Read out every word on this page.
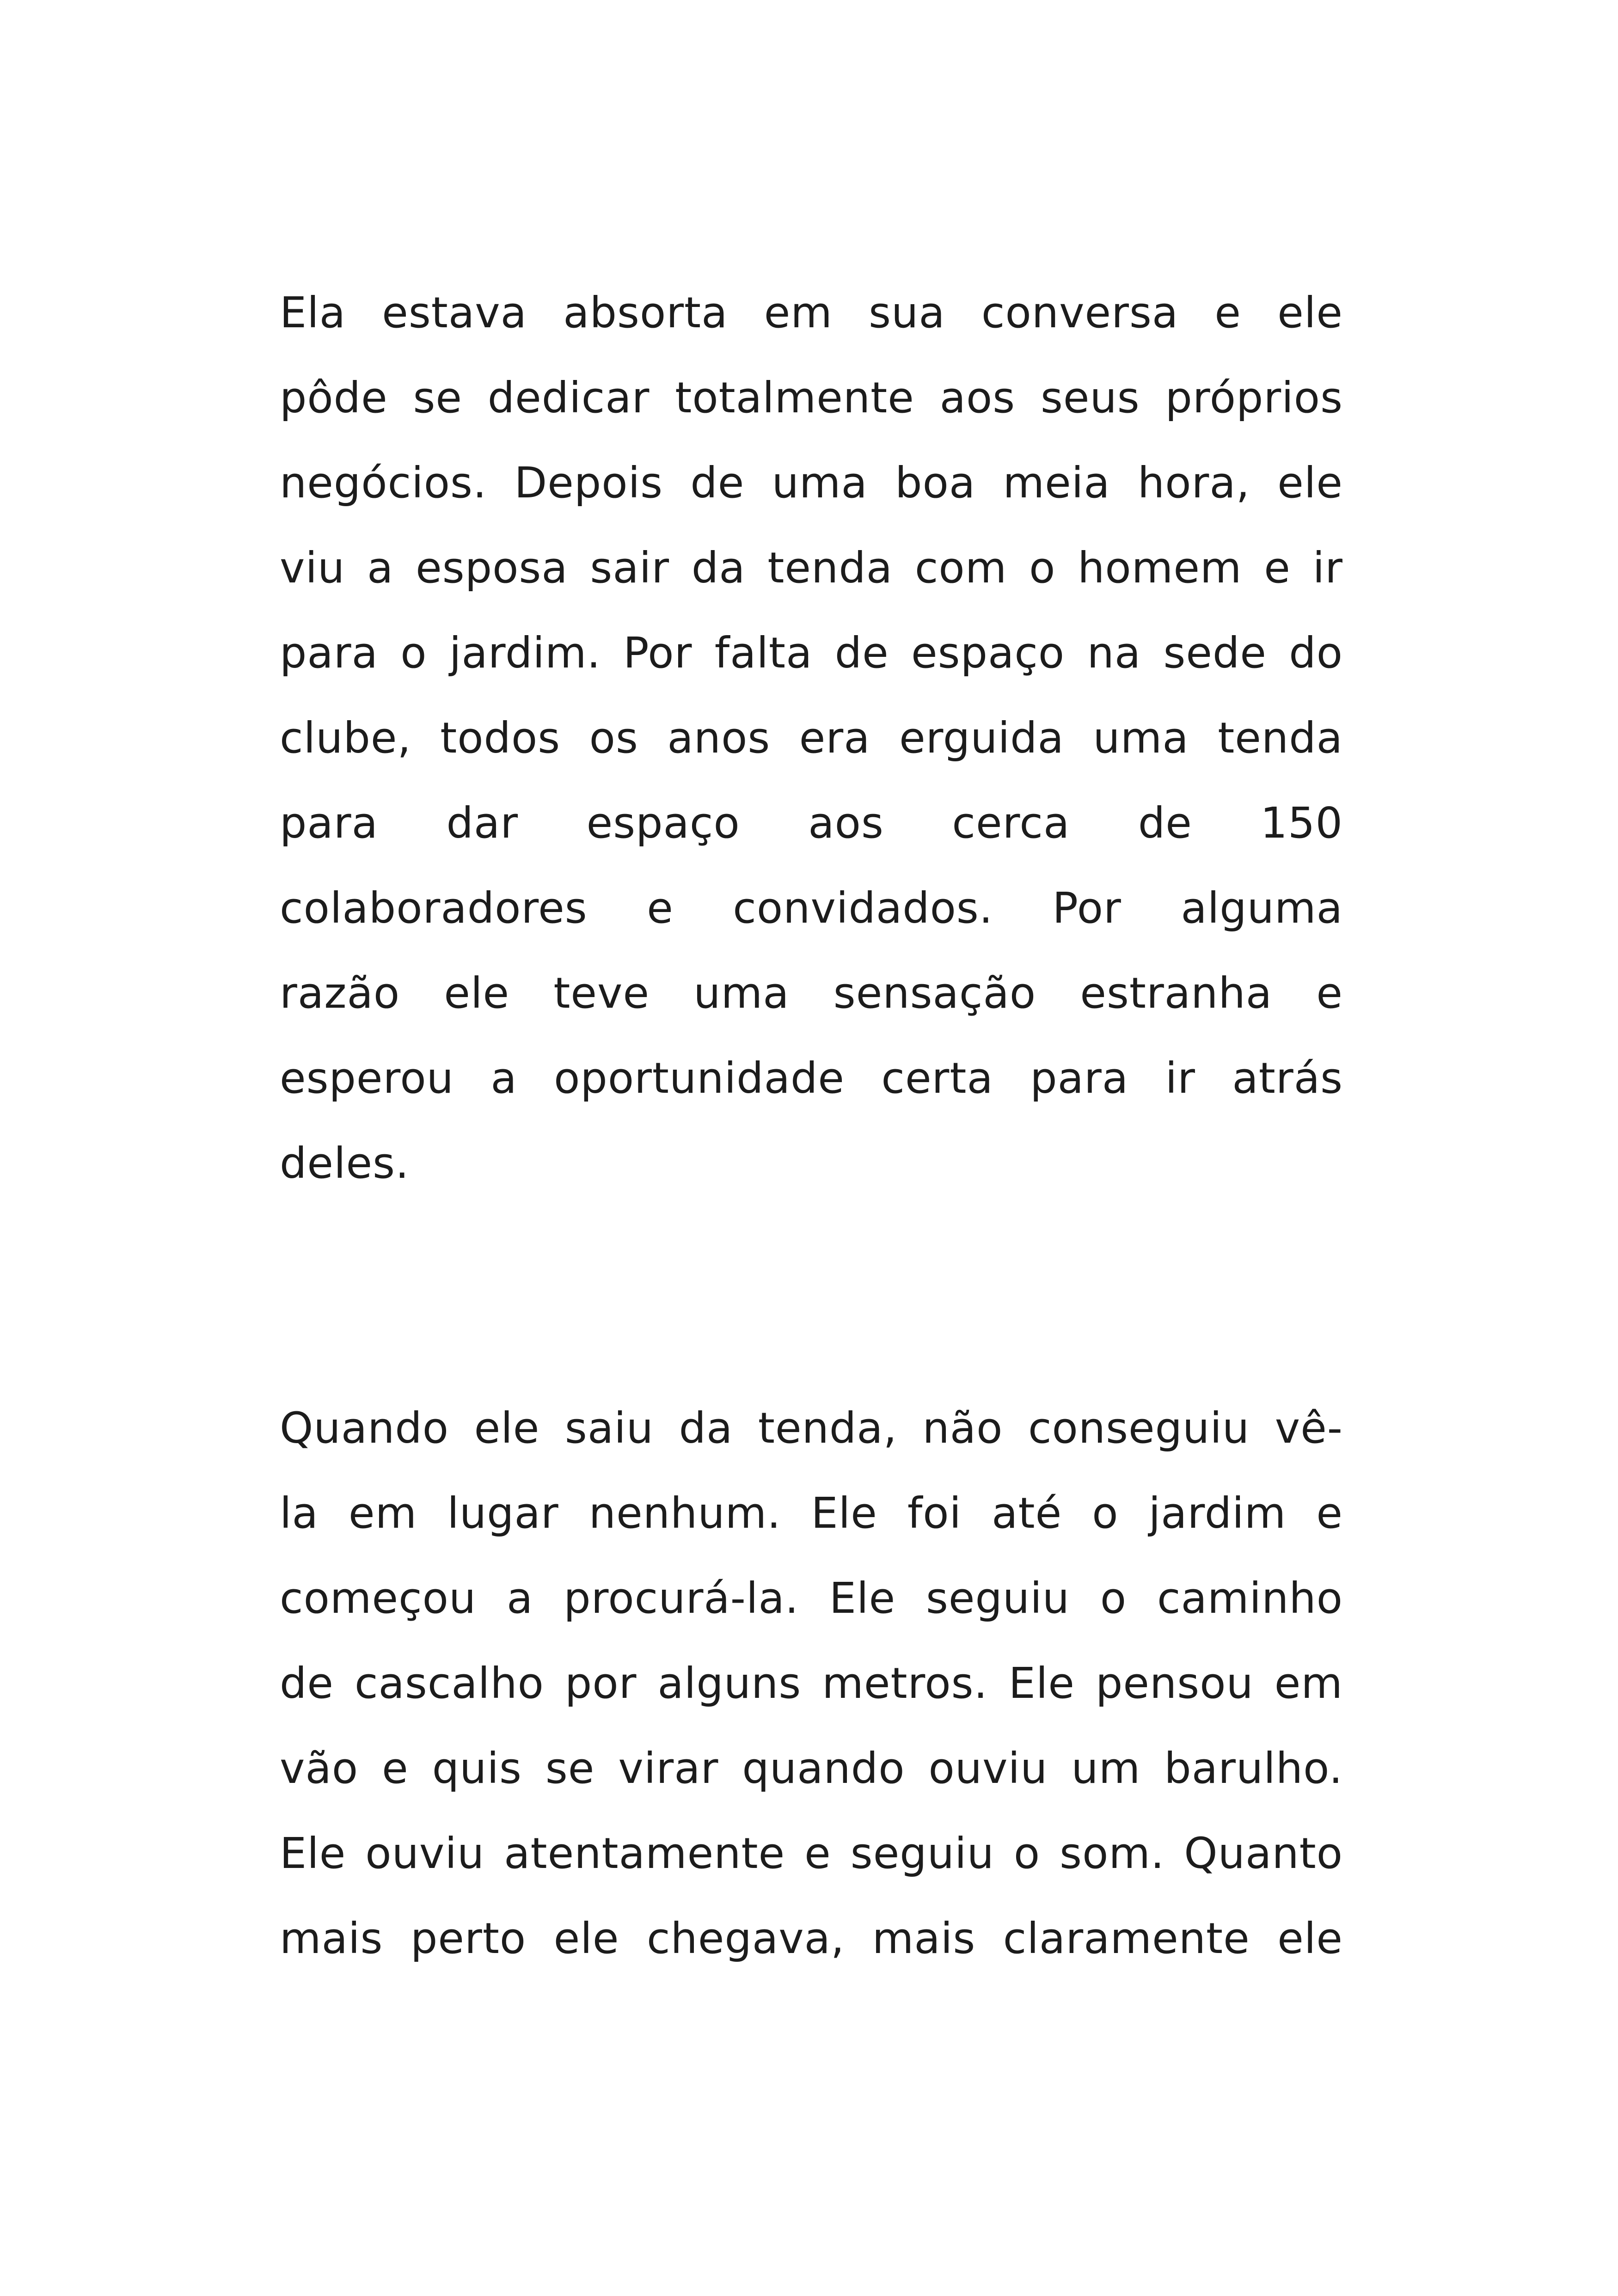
Ela estava absorta em sua conversa e ele
pôde se dedicar totalmente aos seus próprios
negócios. Depois de uma boa meia hora, ele
viu a esposa sair da tenda com o homem e ir
para o jardim. Por falta de espaço na sede do
clube, todos os anos era erguida uma tenda
para dar espaço aos cerca de 150
colaboradores e convidados. Por alguma
razão ele teve uma sensação estranha e
esperou a oportunidade certa para ir atrás
deles.
Quando ele saiu da tenda, não conseguiu vê-
la em lugar nenhum. Ele foi até o jardim e
começou a procurá-la. Ele seguiu o caminho
de cascalho por alguns metros. Ele pensou em
vão e quis se virar quando ouviu um barulho.
Ele ouviu atentamente e seguiu o som. Quanto
mais perto ele chegava, mais claramente ele
